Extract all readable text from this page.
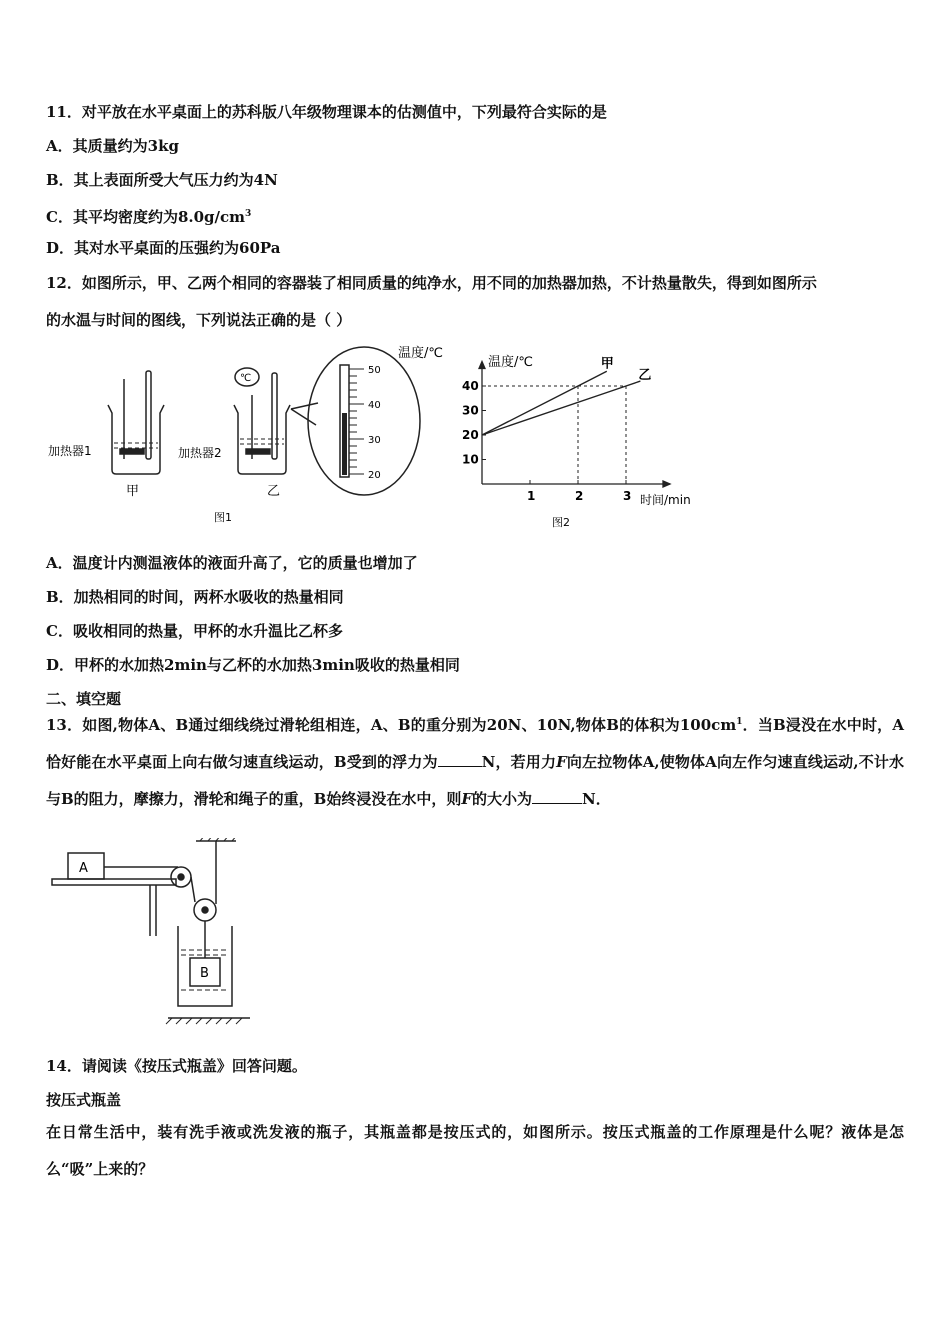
11．对平放在水平桌面上的苏科版八年级物理课本的估测值中，下列最符合实际的是
A．其质量约为3kg
B．其上表面所受大气压力约为4N
C．其平均密度约为$8.0g/cm^3$
D．其对水平桌面的压强约为60Pa
12．如图所示，甲、乙两个相同的容器装了相同质量的纯净水，用不同的加热器加热，不计热量散失，得到如图所示
的水温与时间的图线，下列说法正确的是（ ）
加热器1	加热器2
甲	乙
℃
50
40
30
20
温度/℃
图1
1	2	3
10
20
30
40
甲
乙
温度/℃
时间/min
图2
A．温度计内测温液体的液面升高了，它的质量也增加了
B．加热相同的时间，两杯水吸收的热量相同
C．吸收相同的热量，甲杯的水升温比乙杯多
D．甲杯的水加热2min与乙杯的水加热3min吸收的热量相同
二、填空题
13．如图,物体A、B通过细线绕过滑轮组相连，A、B的重分别为20N、10N,物体B的体积为$100cm^1$．当B浸没在水中时，A恰好能在水平桌面上向右做匀速直线运动，B受到的浮力为	N，若用力F向左拉物体A,使物体A向左作匀速直线运动,不计水与B的阻力，摩擦力，滑轮和绳子的重，B始终浸没在水中，则F的大小为	N．
A
B
14．请阅读《按压式瓶盖》回答问题。
按压式瓶盖
在日常生活中，装有洗手液或洗发液的瓶子，其瓶盖都是按压式的，如图所示。按压式瓶盖的工作原理是什么呢？液体是怎么“吸”上来的？
